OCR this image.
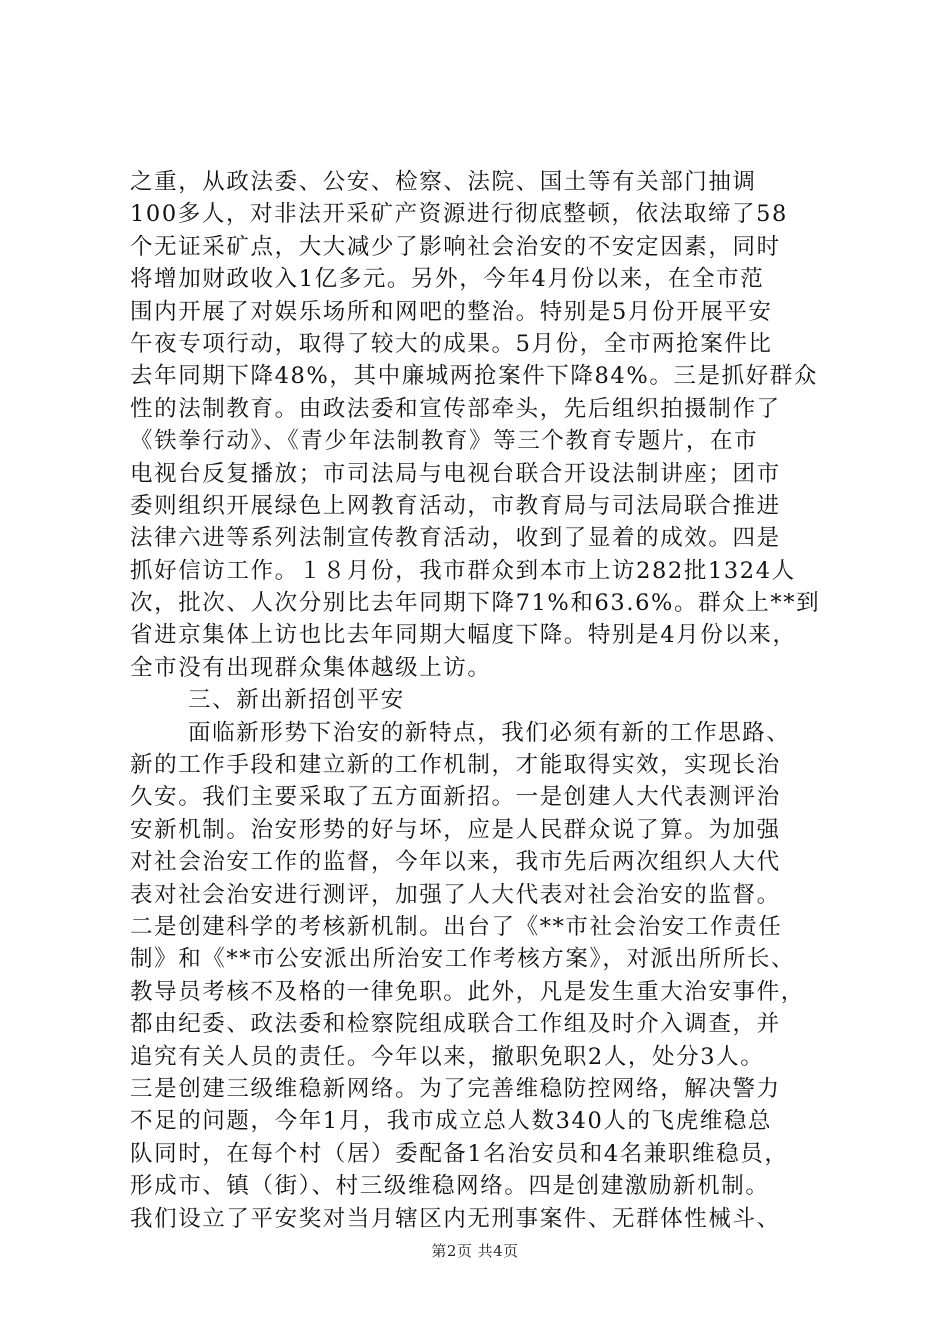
之重，从政法委、公安、检察、法院、国土等有关部门抽调
100多人，对非法开采矿产资源进行彻底整顿，依法取缔了58
个无证采矿点，大大减少了影响社会治安的不安定因素，同时
将增加财政收入1亿多元。另外，今年4月份以来，在全市范
围内开展了对娱乐场所和网吧的整治。特别是5月份开展平安
午夜专项行动，取得了较大的成果。5月份，全市两抢案件比
去年同期下降48%，其中廉城两抢案件下降84%。三是抓好群众
性的法制教育。由政法委和宣传部牵头，先后组织拍摄制作了
《铁拳行动》、《青少年法制教育》等三个教育专题片，在市
电视台反复播放；市司法局与电视台联合开设法制讲座；团市
委则组织开展绿色上网教育活动，市教育局与司法局联合推进
法律六进等系列法制宣传教育活动，收到了显着的成效。四是
抓好信访工作。１８月份，我市群众到本市上访282批1324人
次，批次、人次分别比去年同期下降71%和63.6%。群众上**到
省进京集体上访也比去年同期大幅度下降。特别是4月份以来，
全市没有出现群众集体越级上访。
三、新出新招创平安
面临新形势下治安的新特点，我们必须有新的工作思路、
新的工作手段和建立新的工作机制，才能取得实效，实现长治
久安。我们主要采取了五方面新招。一是创建人大代表测评治
安新机制。治安形势的好与坏，应是人民群众说了算。为加强
对社会治安工作的监督，今年以来，我市先后两次组织人大代
表对社会治安进行测评，加强了人大代表对社会治安的监督。
二是创建科学的考核新机制。出台了《**市社会治安工作责任
制》和《**市公安派出所治安工作考核方案》，对派出所所长、
教导员考核不及格的一律免职。此外，凡是发生重大治安事件，
都由纪委、政法委和检察院组成联合工作组及时介入调查，并
追究有关人员的责任。今年以来，撤职免职2人，处分3人。
三是创建三级维稳新网络。为了完善维稳防控网络，解决警力
不足的问题，今年1月，我市成立总人数340人的飞虎维稳总
队同时，在每个村（居）委配备1名治安员和4名兼职维稳员，
形成市、镇（街）、村三级维稳网络。四是创建激励新机制。
我们设立了平安奖对当月辖区内无刑事案件、无群体性械斗、
第2页 共4页
